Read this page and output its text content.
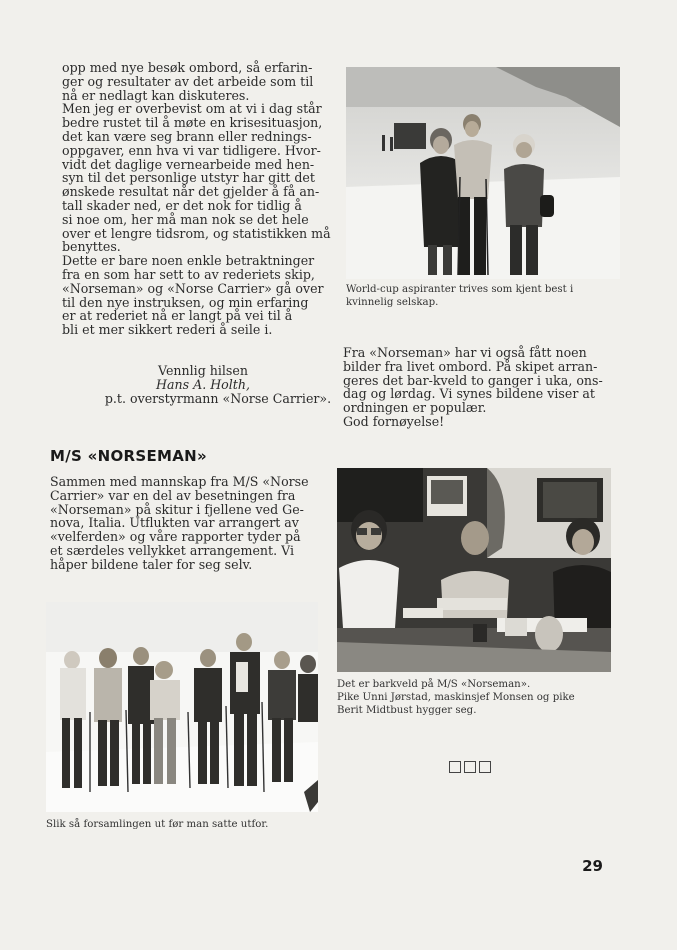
opp med nye besøk ombord, så erfarin-

ger og resultater av det arbeide som til

nå er nedlagt kan diskuteres.

Men jeg er overbevist om at vi i dag står

bedre rustet til å møte en krisesituasjon,

det kan være seg brann eller rednings-

oppgaver, enn hva vi var tidligere. Hvor-

vidt det daglige vernearbeide med hen-

syn til det personlige utstyr har gitt det

ønskede resultat når det gjelder å få an-

tall skader ned, er det nok for tidlig å

si noe om, her må man nok se det hele

over et lengre tidsrom, og statistikken må

benyttes.

Dette er bare noen enkle betraktninger

fra en som har sett to av rederiets skip,

«Norseman» og «Norse Carrier» gå over

til den nye instruksen, og min erfaring

er at rederiet nå er langt på vei til å

bli et mer sikkert rederi å seile i.

Vennlig hilsen

Hans A. Holth,

p.t. overstyrmann «Norse Carrier».

M/S «NORSEMAN»

Sammen med mannskap fra M/S «Norse

Carrier» var en del av besetningen fra

«Norseman» på skitur i fjellene ved Ge-

nova, Italia. Utflukten var arrangert av

«velferden» og våre rapporter tyder på

et særdeles vellykket arrangement. Vi

håper bildene taler for seg selv.

World-cup aspiranter trives som kjent best i
kvinnelig selskap.

Fra «Norseman» har vi også fått noen

bilder fra livet ombord. På skipet arran-

geres det bar-kveld to ganger i uka, ons-

dag og lørdag. Vi synes bildene viser at

ordningen er populær.

God fornøyelse!

Det er barkveld på M/S «Norseman».
Pike Unni Jørstad, maskinsjef Monsen og pike
Berit Midtbust hygger seg.
Slik så forsamlingen ut før man satte utfor.
29
